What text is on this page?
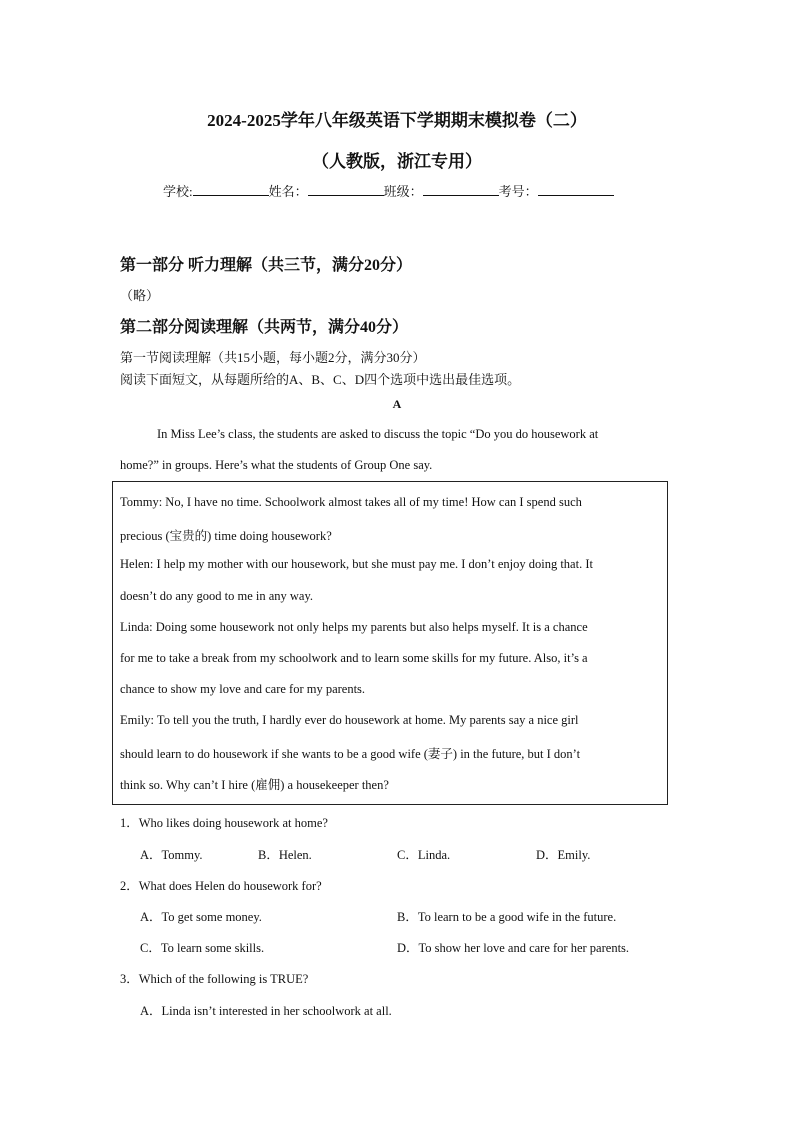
2024-2025学年八年级英语下学期期末模拟卷（二）
（人教版，浙江专用）
学校:	姓名：	班级：	考号：
第一部分 听力理解（共三节，满分20分）
（略）
第二部分阅读理解（共两节，满分40分）
第一节阅读理解（共15小题，每小题2分，满分30分）
阅读下面短文，从每题所给的A、B、C、D四个选项中选出最佳选项。
A
In Miss Lee’s class, the students are asked to discuss the topic “Do you do housework at
home?” in groups. Here’s what the students of Group One say.
Tommy: No, I have no time. Schoolwork almost takes all of my time! How can I spend such
precious (宝贵的) time doing housework?
Helen: I help my mother with our housework, but she must pay me. I don’t enjoy doing that. It
doesn’t do any good to me in any way.
Linda: Doing some housework not only helps my parents but also helps myself. It is a chance
for me to take a break from my schoolwork and to learn some skills for my future. Also, it’s a
chance to show my love and care for my parents.
Emily: To tell you the truth, I hardly ever do housework at home. My parents say a nice girl
should learn to do housework if she wants to be a good wife (妻子) in the future, but I don’t
think so. Why can’t I hire (雇佣) a housekeeper then?
1．Who likes doing housework at home?
A．Tommy.	B．Helen.	C．Linda.	D．Emily.
2．What does Helen do housework for?
A．To get some money.	B．To learn to be a good wife in the future.
C．To learn some skills.	D．To show her love and care for her parents.
3．Which of the following is TRUE?
A．Linda isn’t interested in her schoolwork at all.
